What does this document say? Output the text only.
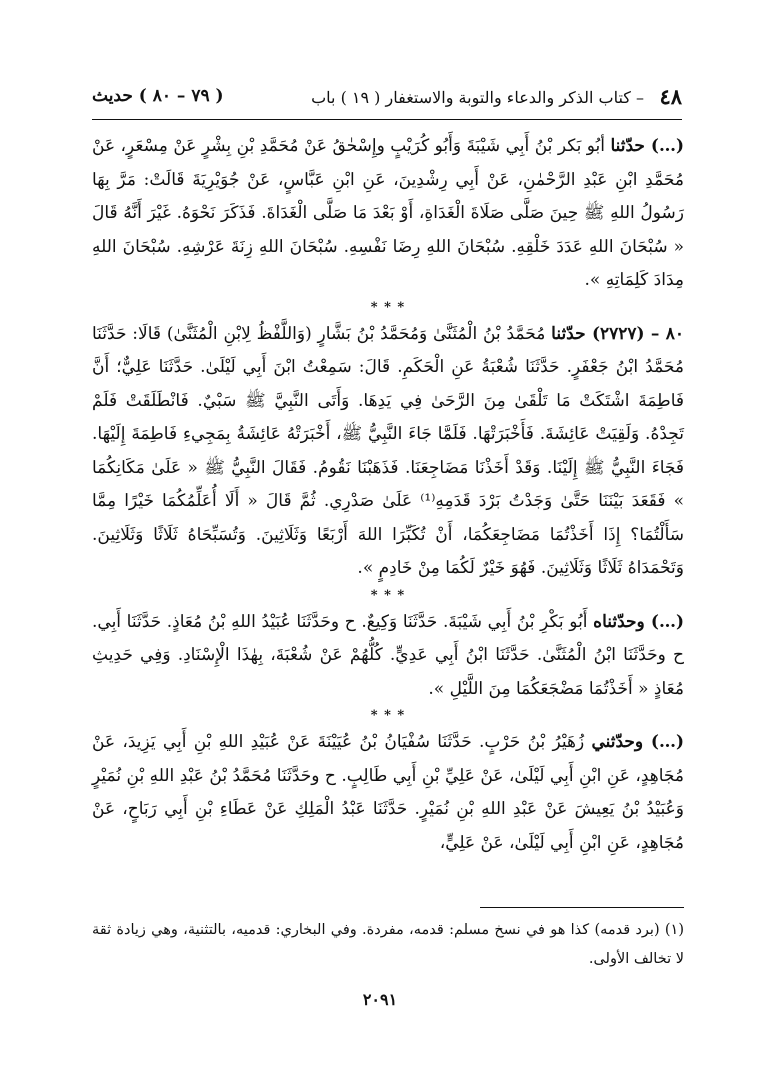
٤٨
– كتاب الذكر والدعاء والتوبة والاستغفار ( ١٩ ) باب
( ٧٩ – ٨٠ ) حديث

(…) حدّثنا أبُو بَكر بْنُ أَبِي شَيْبَةَ وَأَبُو كُرَيْبٍ وإِسْحٰقُ عَنْ مُحَمَّدِ بْنِ بِشْرٍ عَنْ مِسْعَرٍ، عَنْ مُحَمَّدِ ابْنِ عَبْدِ الرَّحْمٰنِ، عَنْ أَبِي رِشْدِينَ، عَنِ ابْنِ عَبَّاسٍ، عَنْ جُوَيْرِيَةَ قَالَتْ: مَرَّ بِهَا رَسُولُ اللهِ ﷺ حِينَ صَلَّى صَلَاةَ الْغَدَاةِ، أَوْ بَعْدَ مَا صَلَّى الْغَدَاةَ. فَذَكَرَ نَحْوَهُ. غَيْرَ أَنَّهُ قَالَ « سُبْحَانَ اللهِ عَدَدَ خَلْقِهِ. سُبْحَانَ اللهِ رِضَا نَفْسِهِ. سُبْحَانَ اللهِ زِنَةَ عَرْشِهِ. سُبْحَانَ اللهِ مِدَادَ كَلِمَاتِهِ ».

* * *

٨٠ – (٢٧٢٧) حدّثنا مُحَمَّدُ بْنُ الْمُثَنَّىٰ وَمُحَمَّدُ بْنُ بَشَّارٍ (وَاللَّفْظُ لِابْنِ الْمُثَنَّىٰ) قَالَا: حَدَّثَنَا مُحَمَّدُ ابْنُ جَعْفَرٍ. حَدَّثَنَا شُعْبَةُ عَنِ الْحَكَمِ. قَالَ: سَمِعْتُ ابْنَ أَبِي لَيْلَىٰ. حَدَّثَنَا عَلِيٌّ؛ أَنَّ فَاطِمَةَ اشْتَكَتْ مَا تَلْقَىٰ مِنَ الرَّحَىٰ فِي يَدِهَا. وَأَتَى النَّبِيَّ ﷺ سَبْيٌ. فَانْطَلَقَتْ فَلَمْ تَجِدْهُ. وَلَقِيَتْ عَائِشَةَ. فَأَخْبَرَتْهَا. فَلَمَّا جَاءَ النَّبِيُّ ﷺ، أَخْبَرَتْهُ عَائِشَةُ بِمَجِيءِ فَاطِمَةَ إِلَيْهَا. فَجَاءَ النَّبِيُّ ﷺ إِلَيْنَا. وَقَدْ أَخَذْنَا مَضَاجِعَنَا. فَذَهَبْنَا نَقُومُ. فَقَالَ النَّبِيُّ ﷺ « عَلَىٰ مَكَانِكُمَا » فَقَعَدَ بَيْنَنَا حَتَّىٰ وَجَدْتُ بَرْدَ قَدَمِهِ⁽¹⁾ عَلَىٰ صَدْرِي. ثُمَّ قَالَ « أَلَا أُعَلِّمُكُمَا خَيْرًا مِمَّا سَأَلْتُمَا؟ إِذَا أَخَذْتُمَا مَضَاجِعَكُمَا، أَنْ تُكَبِّرَا اللهَ أَرْبَعًا وَثَلَاثِينَ. وَتُسَبِّحَاهُ ثَلَاثًا وَثَلَاثِينَ. وَتَحْمَدَاهُ ثَلَاثًا وَثَلَاثِينَ. فَهُوَ خَيْرٌ لَكُمَا مِنْ خَادِمٍ ».

* * *

(…) وحدّثناه أَبُو بَكْرِ بْنُ أَبِي شَيْبَةَ. حَدَّثَنَا وَكِيعٌ. ح وحَدَّثَنَا عُبَيْدُ اللهِ بْنُ مُعَاذٍ. حَدَّثَنَا أَبِي. ح وحَدَّثَنَا ابْنُ الْمُثَنَّىٰ. حَدَّثَنَا ابْنُ أَبِي عَدِيٍّ. كُلُّهُمْ عَنْ شُعْبَةَ، بِهٰذَا الْإِسْنَادِ. وَفِي حَدِيثِ مُعَاذٍ « أَخَذْتُمَا مَضْجَعَكُمَا مِنَ اللَّيْلِ ».

* * *

(…) وحدّثني زُهَيْرُ بْنُ حَرْبٍ. حَدَّثَنَا سُفْيَانُ بْنُ عُيَيْنَةَ عَنْ عُبَيْدِ اللهِ بْنِ أَبِي يَزِيدَ، عَنْ مُجَاهِدٍ، عَنِ ابْنِ أَبِي لَيْلَىٰ، عَنْ عَلِيِّ بْنِ أَبِي طَالِبٍ. ح وحَدَّثَنَا مُحَمَّدُ بْنُ عَبْدِ اللهِ بْنِ نُمَيْرٍ وَعُبَيْدُ بْنُ يَعِيشَ عَنْ عَبْدِ اللهِ بْنِ نُمَيْرٍ. حَدَّثَنَا عَبْدُ الْمَلِكِ عَنْ عَطَاءِ بْنِ أَبِي رَبَاحٍ، عَنْ مُجَاهِدٍ، عَنِ ابْنِ أَبِي لَيْلَىٰ، عَنْ عَلِيٍّ،

(١) (برد قدمه) كذا هو في نسخ مسلم: قدمه، مفردة. وفي البخاري: قدميه، بالتثنية، وهي زيادة ثقة لا تخالف الأولى.
٢٠٩١
